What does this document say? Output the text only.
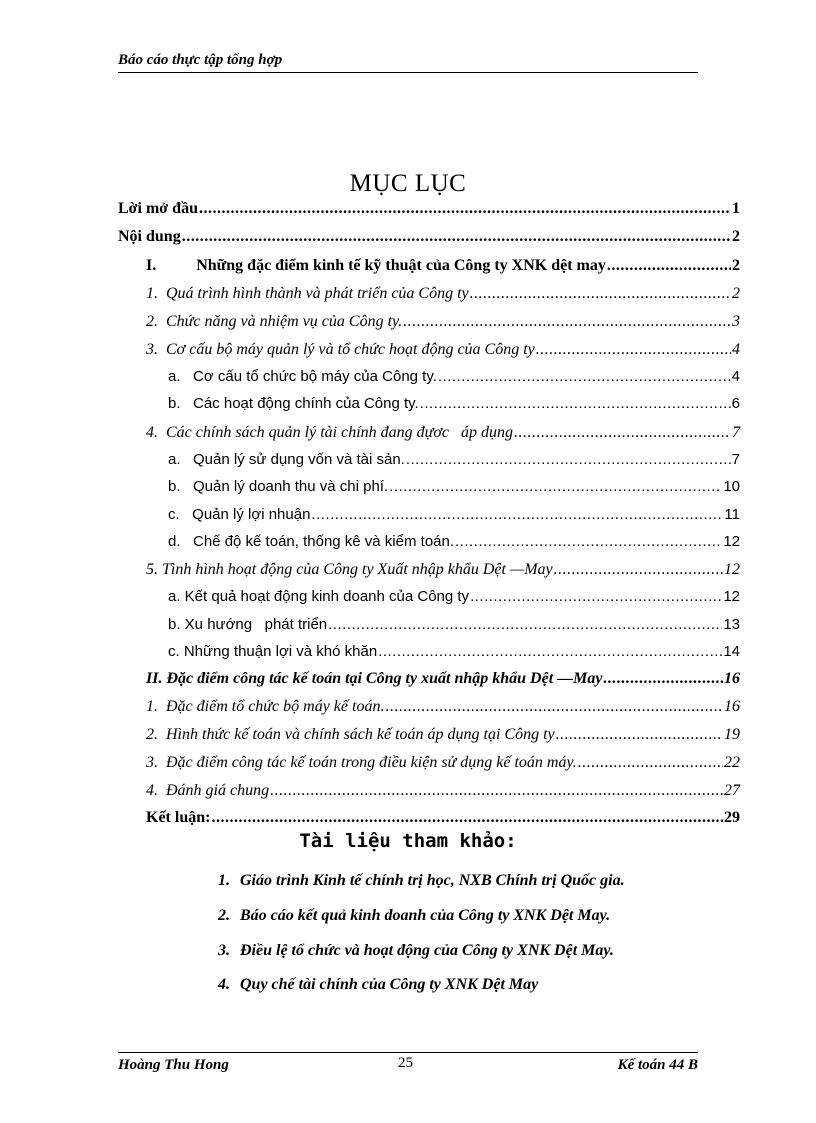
Báo cáo thực tập tổng hợp
MỤC LỤC
Lời mở đầu .....	1
Nội dung .....	2
I.          Những đặc điểm kinh tế kỹ thuật của Công ty XNK dệt may .....	2
1.  Quá trình hình thành và phát triển của Công ty .....	2
2.  Chức năng và nhiệm vụ của Công ty. .....	3
3.  Cơ cấu bộ máy quản lý và tổ chức hoạt động của Công ty .....	4
a.   Cơ cấu tổ chức bộ máy của Công ty. .....	4
b.   Các hoạt động chính của Công ty. .....	6
4.  Các chính sách quản lý tài chính đang đựơc   áp dụng .....	7
a.   Quản lý sử dụng vốn và tài sản. .....	7
b.   Quản lý doanh thu và chi phí. .....	10
c.   Quản lý lợi nhuận .....	11
d.   Chế độ kế toán, thống kê và kiểm toán. .....	12
5. Tình hình hoạt động của Công ty Xuất nhập khẩu Dệt —May .....	12
a. Kết quả hoạt động kinh doanh của Công ty .....	12
b. Xu hướng   phát triển .....	13
c. Những thuận lợi và khó khăn .....	14
II. Đặc điểm công tác kế toán tại Công ty xuất nhập khẩu Dệt —May .....	16
1.  Đặc điểm tổ chức bộ máy kế toán. .....	16
2.  Hình thức kế toán và chính sách kế toán áp dụng tại Công ty .....	19
3.  Đặc điểm công tác kế toán trong điều kiện sử dụng kế toán máy. .....	22
4.  Đánh giá chung .....	27
Kết luận: .....	29
Tài liệu tham khảo:
1. Giáo trình Kinh tế chính trị học, NXB Chính trị Quốc gia.
2. Báo cáo kết quả kinh doanh của Công ty XNK Dệt May.
3. Điều lệ tổ chức và hoạt động của Công ty XNK Dệt May.
4. Quy chế tài chính của Công ty XNK Dệt May
Hoàng Thu Hong	25	Kế toán 44 B
